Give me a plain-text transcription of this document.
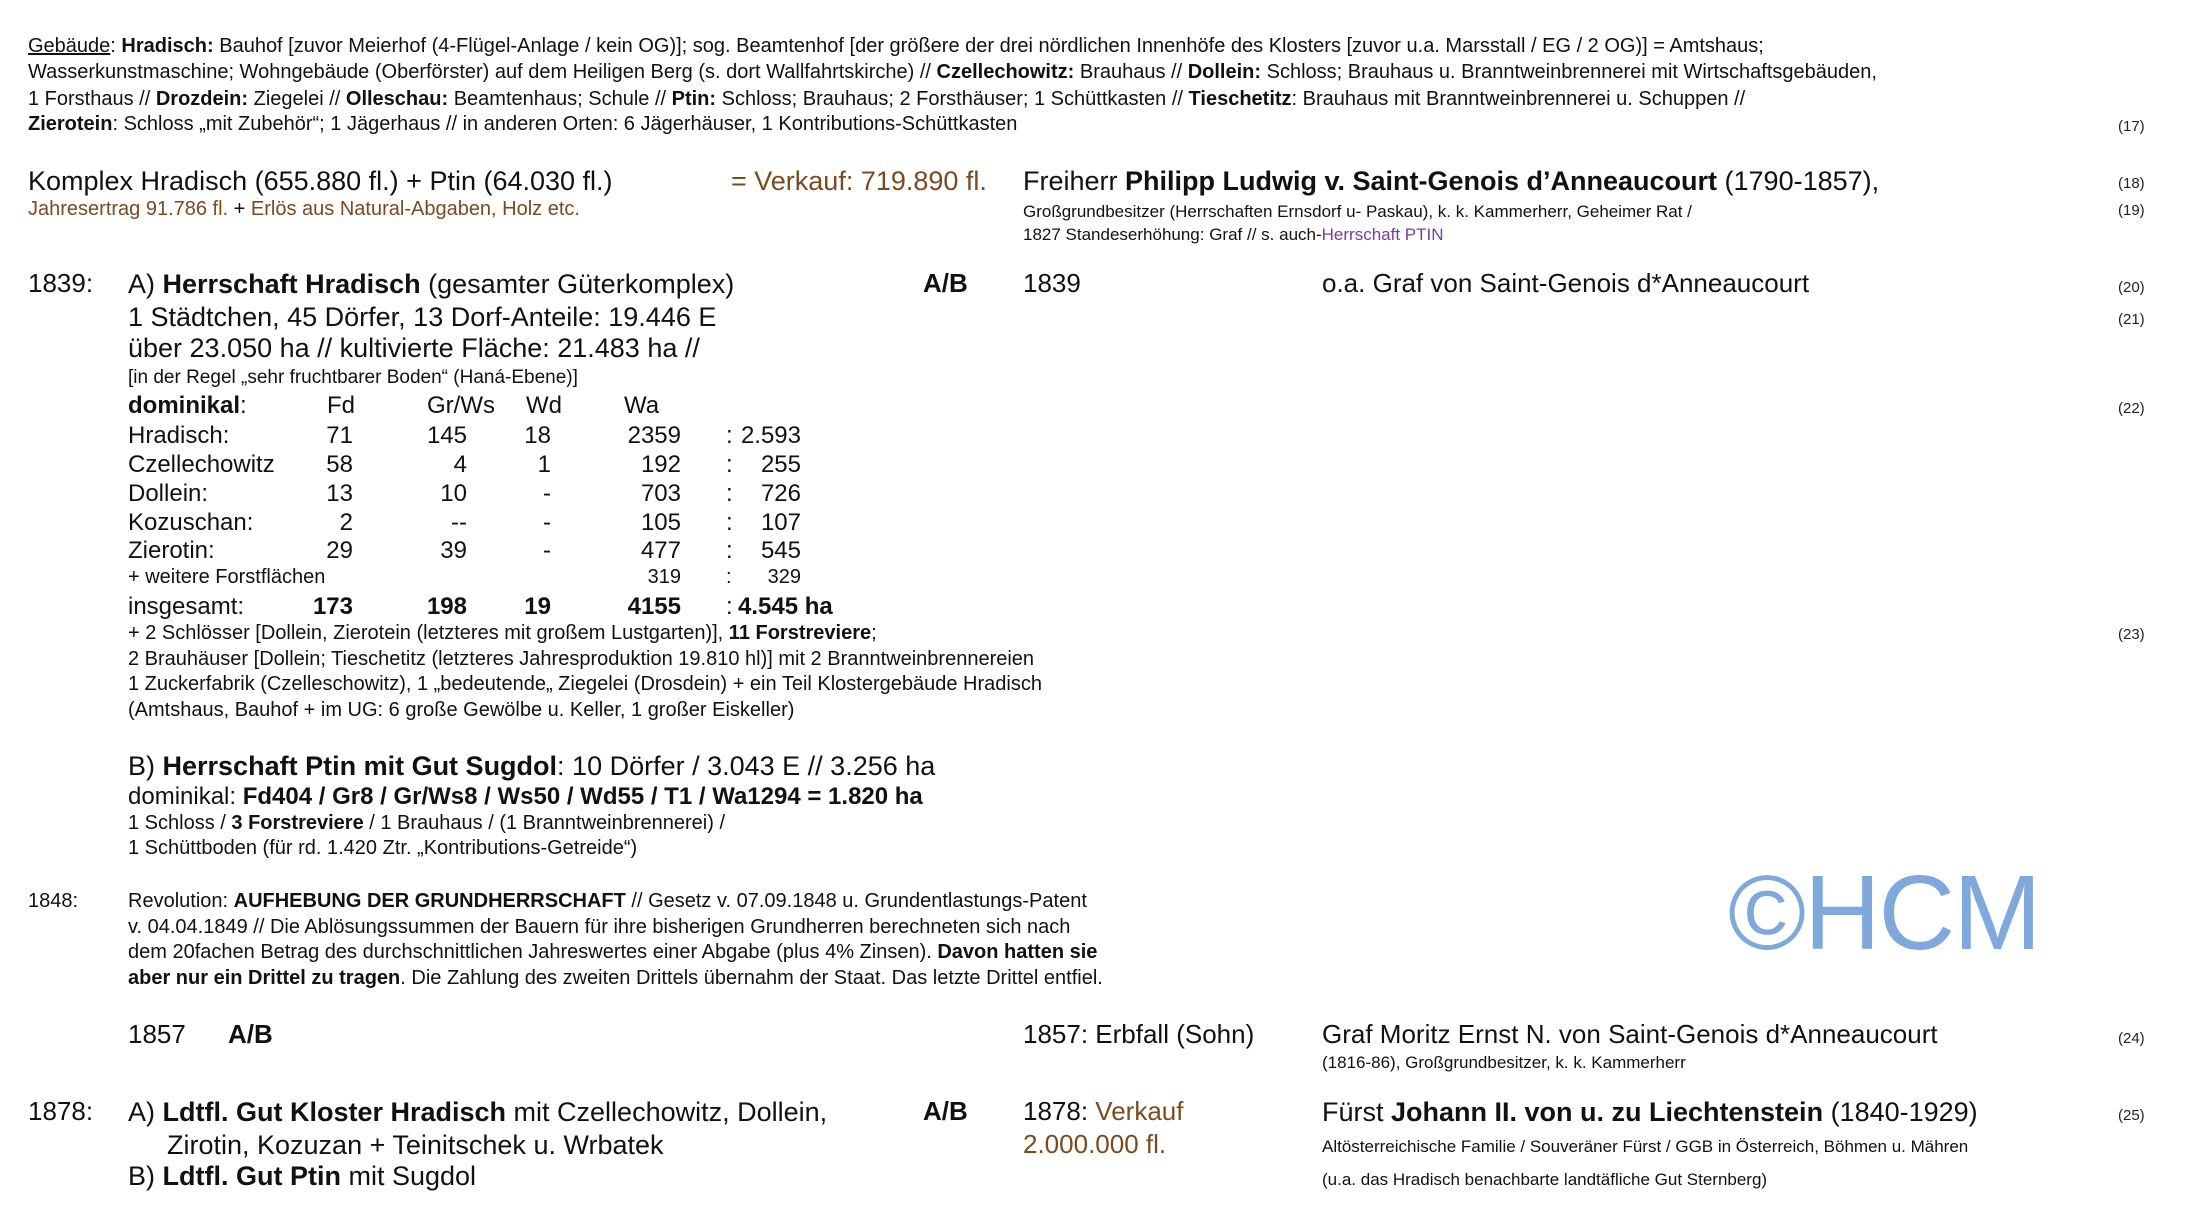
Gebäude: Hradisch: Bauhof [zuvor Meierhof (4-Flügel-Anlage / kein OG)]; sog. Beamtenhof [der größere der drei nördlichen Innenhöfe des Klosters [zuvor u.a. Marsstall / EG / 2 OG)] = Amtshaus;
Wasserkunstmaschine; Wohngebäude (Oberförster) auf dem Heiligen Berg (s. dort Wallfahrtskirche) // Czellechowitz: Brauhaus // Dollein: Schloss; Brauhaus u. Branntweinbrennerei mit Wirtschaftsgebäuden,
1 Forsthaus // Drozdein: Ziegelei // Olleschau: Beamtenhaus; Schule // Ptin: Schloss; Brauhaus; 2 Forsthäuser; 1 Schüttkasten // Tieschetitz: Brauhaus mit Branntweinbrennerei u. Schuppen //
Zierotein: Schloss „mit Zubehör“; 1 Jägerhaus // in anderen Orten: 6 Jägerhäuser, 1 Kontributions-Schüttkasten
Komplex Hradisch (655.880 fl.) + Ptin (64.030 fl.)	= Verkauf: 719.890 fl. Freiherr Philipp Ludwig v. Saint-Genois d’Anneaucourt (1790-1857),
Jahresertrag 91.786 fl. + Erlös aus Natural-Abgaben, Holz etc.	Großgrundbesitzer (Herrschaften Ernsdorf u- Paskau), k. k. Kammerherr, Geheimer Rat /
1827 Standeserhöhung: Graf // s. auch-Herrschaft PTIN
1839: A) Herrschaft Hradisch (gesamter Güterkomplex)	A/B 1839	o.a. Graf von Saint-Genois d*Anneaucourt
1 Städtchen, 45 Dörfer, 13 Dorf-Anteile: 19.446 E
über 23.050 ha // kultivierte Fläche: 21.483 ha //
[in der Regel „sehr fruchtbarer Boden“ (Haná-Ebene)]
+ 2 Schlösser [Dollein, Zierotein (letzteres mit großem Lustgarten)], 11 Forstreviere;
2 Brauhäuser [Dollein; Tieschetitz (letzteres Jahresproduktion 19.810 hl)] mit 2 Branntweinbrennereien
1 Zuckerfabrik (Czelleschowitz), 1 „bedeutende„ Ziegelei (Drosdein) + ein Teil Klostergebäude Hradisch
(Amtshaus, Bauhof + im UG: 6 große Gewölbe u. Keller, 1 großer Eiskeller)
B) Herrschaft Ptin mit Gut Sugdol: 10 Dörfer / 3.043 E // 3.256 ha
dominikal: Fd404 / Gr8 / Gr/Ws8 / Ws50 / Wd55 / T1 / Wa1294 = 1.820 ha
1 Schloss / 3 Forstreviere / 1 Brauhaus / (1 Branntweinbrennerei) /
1 Schüttboden (für rd. 1.420 Ztr. „Kontributions-Getreide“)
1848: Revolution: AUFHEBUNG DER GRUNDHERRSCHAFT // Gesetz v. 07.09.1848 u. Grundentlastungs-Patent
v. 04.04.1849 // Die Ablösungssummen der Bauern für ihre bisherigen Grundherren berechneten sich nach
dem 20fachen Betrag des durchschnittlichen Jahreswertes einer Abgabe (plus 4% Zinsen). Davon hatten sie
aber nur ein Drittel zu tragen. Die Zahlung des zweiten Drittels übernahm der Staat. Das letzte Drittel entfiel.
1857 A/B	1857: Erbfall (Sohn)	Graf Moritz Ernst N. von Saint-Genois d*Anneaucourt
(1816-86), Großgrundbesitzer, k. k. Kammerherr
1878: A) Ldtfl. Gut Kloster Hradisch mit Czellechowitz, Dollein,
Zirotin, Kozuzan + Teinitschek u. Wrbatek
B) Ldtfl. Gut Ptin mit Sugdol
A/B 1878: Verkauf
2.000.000 fl.
Fürst Johann II. von u. zu Liechtenstein (1840-1929)
Altösterreichische Familie / Souveräner Fürst / GGB in Österreich, Böhmen u. Mähren
(u.a. das Hradisch benachbarte landtäfliche Gut Sternberg)
(17)
(18)
(19)
(20)
(21)
(22)
(23)
(24)
(25)
dominikal:	Fd	Gr/Ws Wd	Wa
Hradisch:	71	145 18	2359 : 2.593
Czellechowitz 58	4	1	192 : 255
Dollein:	13	10	-	703 : 726
Kozuschan:	2	--	-	105 : 107
Zierotin:	29	39	-	477 : 545
+ weitere Forstflächen	319 : 329
insgesamt:	173	198 19	4155 : 4.545 ha
©HCM
